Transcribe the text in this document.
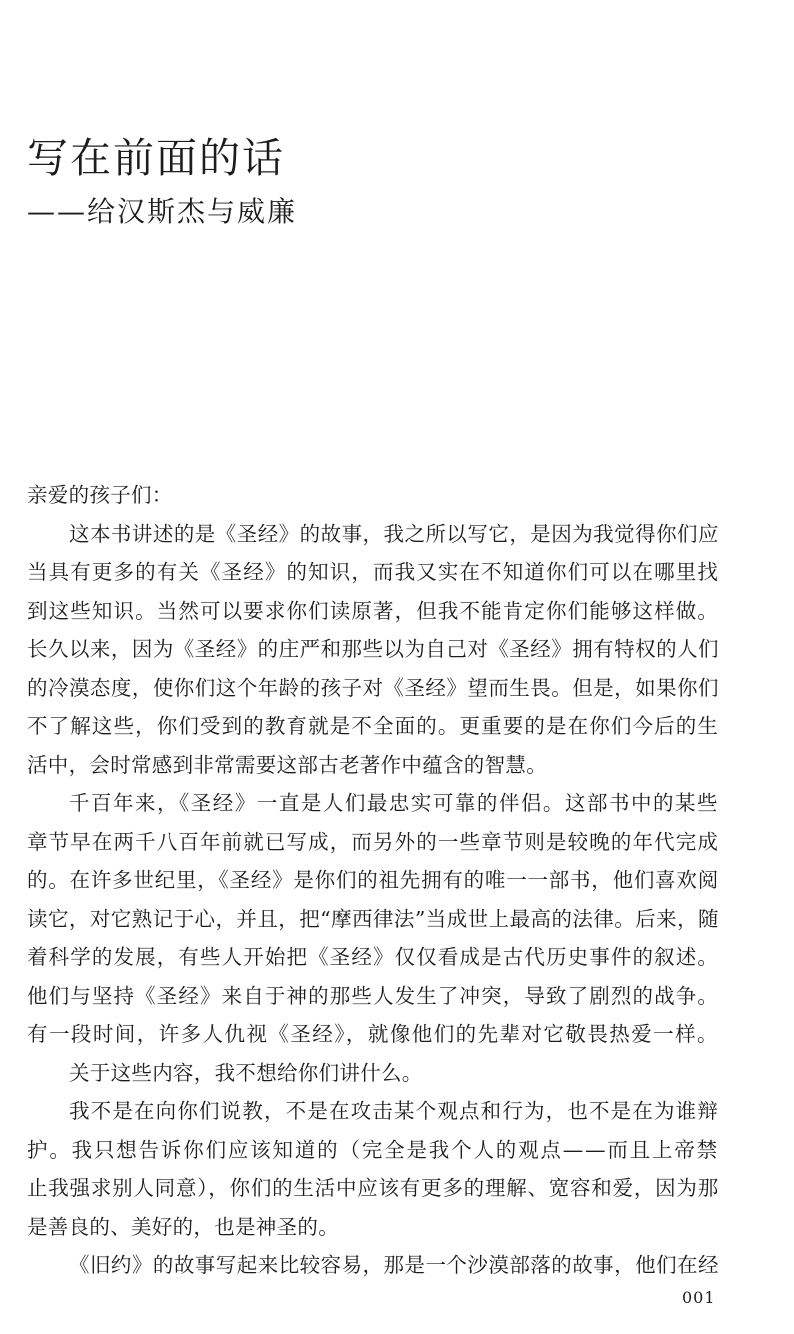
写在前面的话
——给汉斯杰与威廉
亲爱的孩子们：
这本书讲述的是《圣经》的故事，我之所以写它，是因为我觉得你们应
当具有更多的有关《圣经》的知识，而我又实在不知道你们可以在哪里找
到这些知识。当然可以要求你们读原著，但我不能肯定你们能够这样做。
长久以来，因为《圣经》的庄严和那些以为自己对《圣经》拥有特权的人们
的冷漠态度，使你们这个年龄的孩子对《圣经》望而生畏。但是，如果你们
不了解这些，你们受到的教育就是不全面的。更重要的是在你们今后的生
活中，会时常感到非常需要这部古老著作中蕴含的智慧。
千百年来，《圣经》一直是人们最忠实可靠的伴侣。这部书中的某些
章节早在两千八百年前就已写成，而另外的一些章节则是较晚的年代完成
的。在许多世纪里，《圣经》是你们的祖先拥有的唯一一部书，他们喜欢阅
读它，对它熟记于心，并且，把“摩西律法”当成世上最高的法律。后来，随
着科学的发展，有些人开始把《圣经》仅仅看成是古代历史事件的叙述。
他们与坚持《圣经》来自于神的那些人发生了冲突，导致了剧烈的战争。
有一段时间，许多人仇视《圣经》，就像他们的先辈对它敬畏热爱一样。
关于这些内容，我不想给你们讲什么。
我不是在向你们说教，不是在攻击某个观点和行为，也不是在为谁辩
护。我只想告诉你们应该知道的（完全是我个人的观点——而且上帝禁
止我强求别人同意），你们的生活中应该有更多的理解、宽容和爱，因为那
是善良的、美好的，也是神圣的。
《旧约》的故事写起来比较容易，那是一个沙漠部落的故事，他们在经
001
